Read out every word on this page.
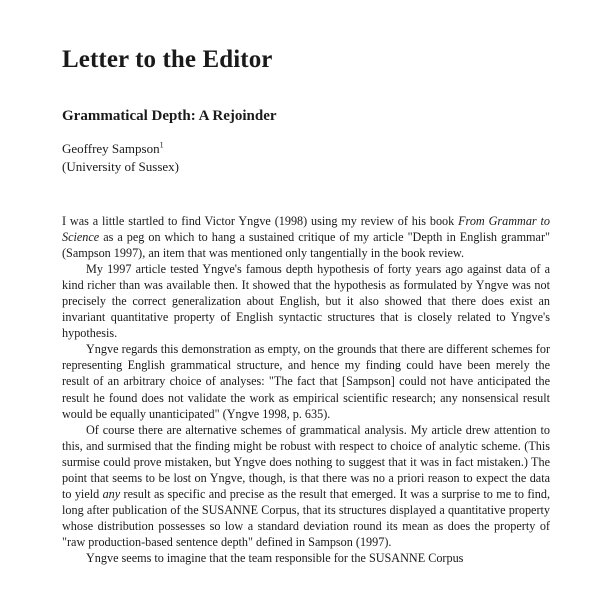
Letter to the Editor
Grammatical Depth: A Rejoinder
Geoffrey Sampson$^1$
(University of Sussex)

I was a little startled to find Victor Yngve (1998) using my review of his book From Grammar to Science as a peg on which to hang a sustained critique of my article "Depth in English grammar" (Sampson 1997), an item that was mentioned only tangentially in the book review.

My 1997 article tested Yngve's famous depth hypothesis of forty years ago against data of a kind richer than was available then. It showed that the hypothesis as formulated by Yngve was not precisely the correct generalization about English, but it also showed that there does exist an invariant quantitative property of English syntactic structures that is closely related to Yngve's hypothesis.

Yngve regards this demonstration as empty, on the grounds that there are different schemes for representing English grammatical structure, and hence my finding could have been merely the result of an arbitrary choice of analyses: "The fact that [Sampson] could not have anticipated the result he found does not validate the work as empirical scientific research; any nonsensical result would be equally unanticipated" (Yngve 1998, p. 635).

Of course there are alternative schemes of grammatical analysis. My article drew attention to this, and surmised that the finding might be robust with respect to choice of analytic scheme. (This surmise could prove mistaken, but Yngve does nothing to suggest that it was in fact mistaken.) The point that seems to be lost on Yngve, though, is that there was no a priori reason to expect the data to yield any result as specific and precise as the result that emerged. It was a surprise to me to find, long after publication of the SUSANNE Corpus, that its structures displayed a quantitative property whose distribution possesses so low a standard deviation round its mean as does the property of "raw production-based sentence depth" defined in Sampson (1997).

Yngve seems to imagine that the team responsible for the SUSANNE Corpus
